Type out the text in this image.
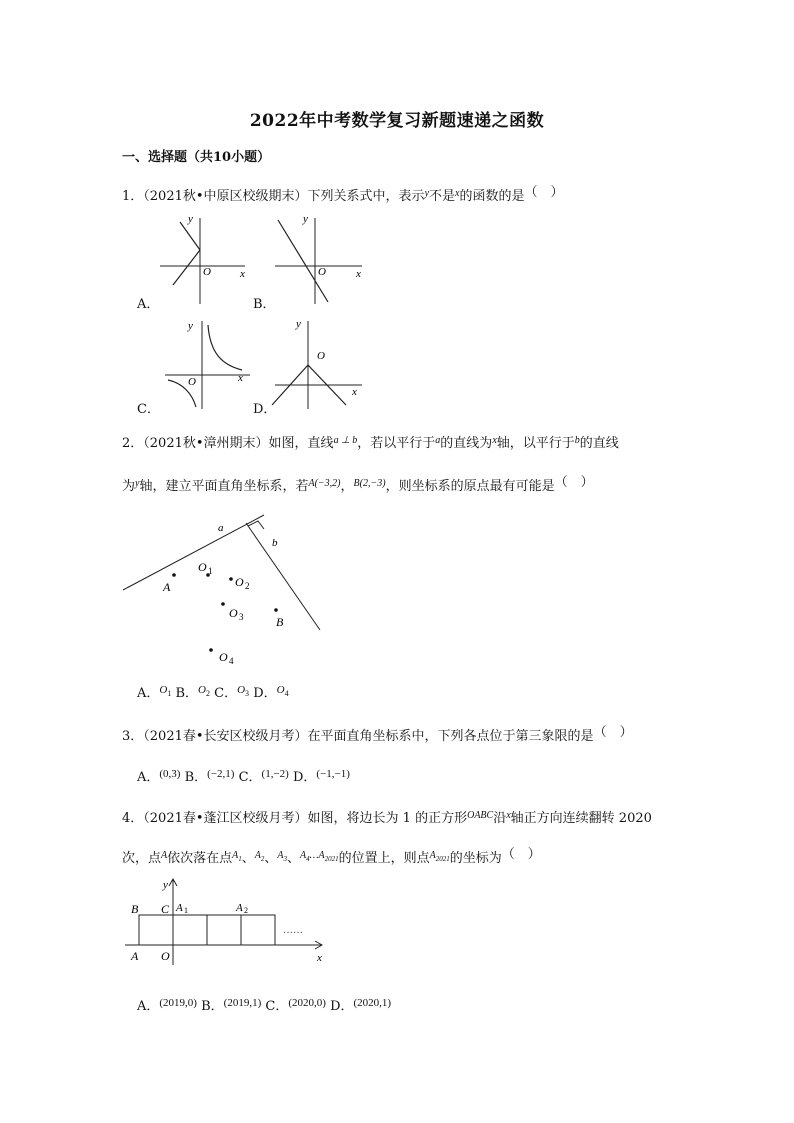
2022年中考数学复习新题速递之函数
一、选择题（共10小题）
1．（2021秋•中原区校级期末）下列关系式中，表示$^y$不是$^x$的函数的是（　）
A．	B．
C．	D．
y
x
O
y
x
O
y
x
O
y
x
O
2．（2021秋•漳州期末）如图，直线$^{a \perp b}$，若以平行于$^a$的直线为$^x$轴，以平行于$^b$的直线
为$^y$轴，建立平面直角坐标系，若$^{A(-3,2)}$，$^{B(2,-3)}$，则坐标系的原点最有可能是（　）
a
b
A
O 1
O 2
O 3	B
O 4
A．$^{O_1}$ B．$^{O_2}$ C．$^{O_3}$ D．$^{O_4}$
3．（2021春•长安区校级月考）在平面直角坐标系中，下列各点位于第三象限的是（　）
A．$^{(0,3)}$ B．$^{(-2,1)}$ C．$^{(1,-2)}$ D．$^{(-1,-1)}$
4．（2021春•蓬江区校级月考）如图，将边长为 1 的正方形$^{OABC}$沿$^x$轴正方向连续翻转 2020
次，点$^A$依次落在点$^{A_1}$、$^{A_2}$、$^{A_3}$、$^{A_4\dots A_{2021}}$的位置上，则点$^{A_{2021}}$的坐标为（　）
……
y
x
B C
A O
A 1	A 2
A．$^{(2019,0)}$ B．$^{(2019,1)}$ C．$^{(2020,0)}$ D．$^{(2020,1)}$
